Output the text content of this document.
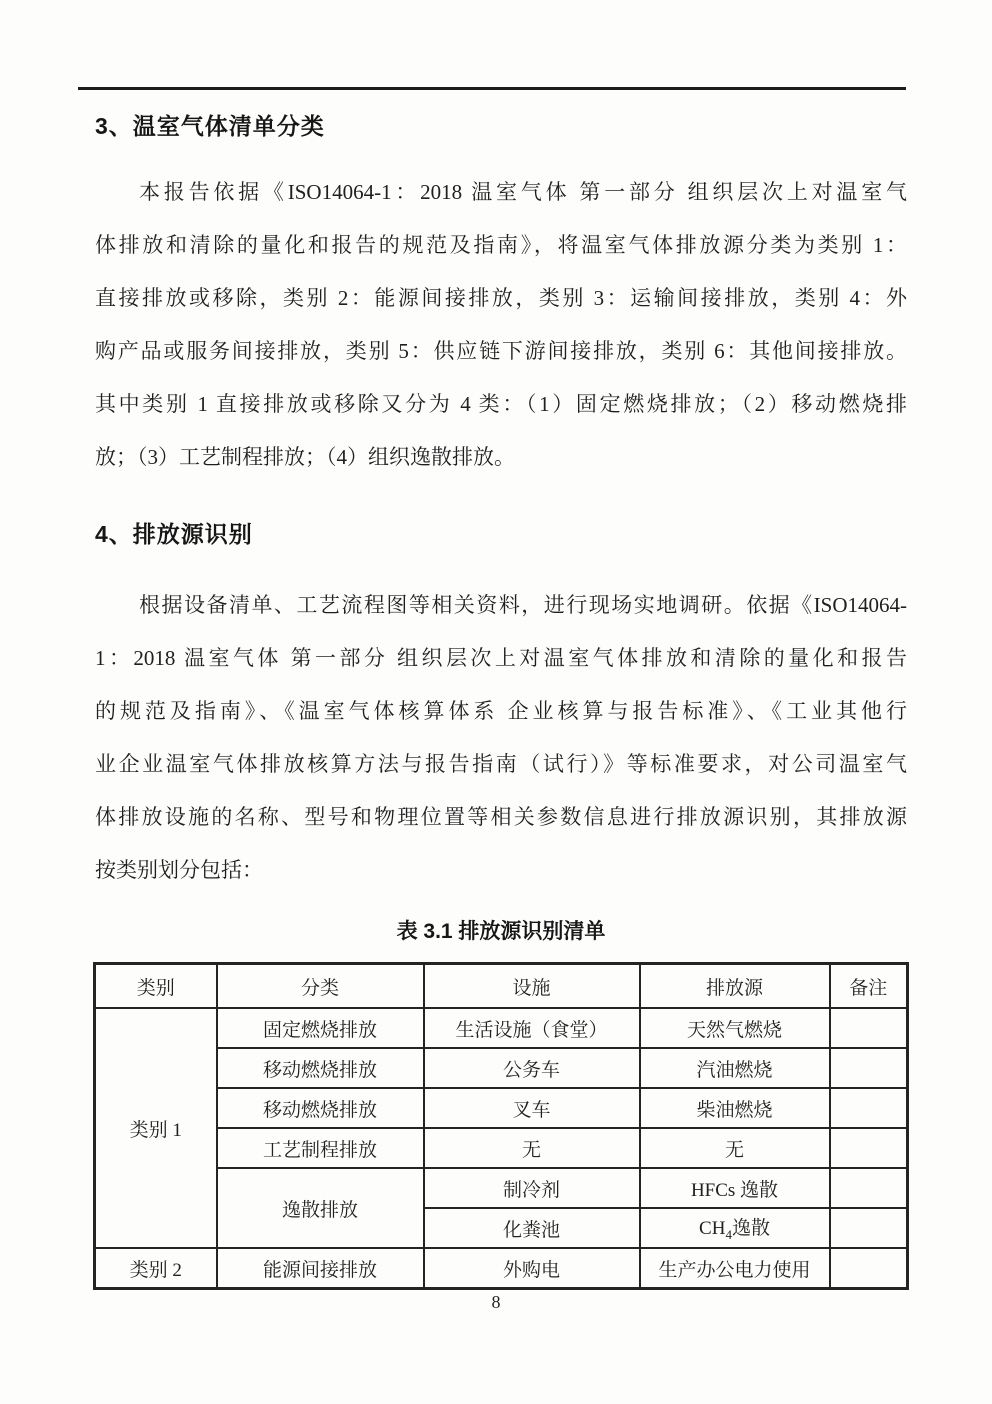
3、温室气体清单分类
本报告依据《ISO14064-1：2018 温室气体 第一部分 组织层次上对温室气
体排放和清除的量化和报告的规范及指南》，将温室气体排放源分类为类别 1：
直接排放或移除，类别 2：能源间接排放，类别 3：运输间接排放，类别 4：外
购产品或服务间接排放，类别 5：供应链下游间接排放，类别 6：其他间接排放。
其中类别 1 直接排放或移除又分为 4 类：（1）固定燃烧排放；（2）移动燃烧排
放；（3）工艺制程排放；（4）组织逸散排放。
4、排放源识别
根据设备清单、工艺流程图等相关资料，进行现场实地调研。依据《ISO14064-
1：2018 温室气体 第一部分 组织层次上对温室气体排放和清除的量化和报告
的规范及指南》、《温室气体核算体系 企业核算与报告标准》、《工业其他行
业企业温室气体排放核算方法与报告指南（试行）》等标准要求，对公司温室气
体排放设施的名称、型号和物理位置等相关参数信息进行排放源识别，其排放源
按类别划分包括：
表 3.1 排放源识别清单
类别	分类	设施	排放源	备注
类别 1	固定燃烧排放	生活设施（食堂）	天然气燃烧	
	移动燃烧排放	公务车	汽油燃烧	
	移动燃烧排放	叉车	柴油燃烧	
	工艺制程排放	无	无	
	逸散排放	制冷剂	HFCs 逸散	
		化粪池	$CH_4$逸散	
类别 2	能源间接排放	外购电	生产办公电力使用	
8
